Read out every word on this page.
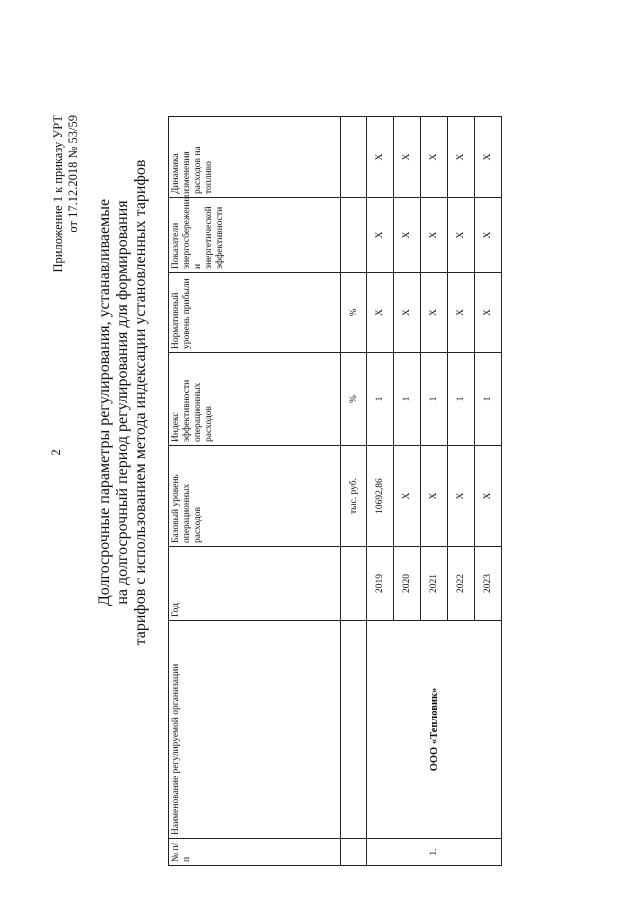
2
Приложение 1 к приказу УРТ от 17.12.2018 № 53/59
Долгосрочные параметры регулирования, устанавливаемые на долгосрочный период регулирования для формирования тарифов с использованием метода индексации установленных тарифов
№ п/п	Наименование регулируемой организации	Год	Базовый уровень операционных расходов	Индекс эффективности операционных расходов	Нормативный уровень прибыли	Показатели энергосбережения и энергетической эффективности	Динамика изменения расходов на топливо
			тыс. руб.	%	%		
1.	ООО «Тепловик»	2019	10692,86	1	X	X	X
		2020	X	1	X	X	X
		2021	X	1	X	X	X
		2022	X	1	X	X	X
		2023	X	1	X	X	X
